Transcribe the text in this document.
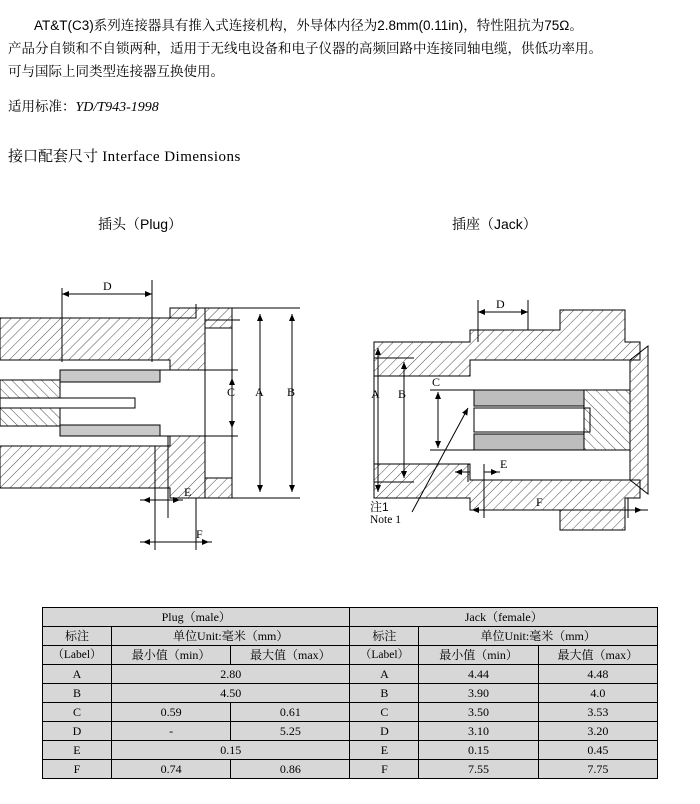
AT&T(C3)系列连接器具有推入式连接机构，外导体内径为2.8mm(0.11in)，特性阻抗为75Ω。

产品分自锁和不自锁两种，适用于无线电设备和电子仪器的高频回路中连接同轴电缆，供低功率用。

可与国际上同类型连接器互换使用。

适用标准：YD/T943-1998
接口配套尺寸 Interface Dimensions
插头（Plug）	插座（Jack）
D
C A B
E
F
D
A B
C
E
F
注1
Note 1
Plug（male）			Jack（female）		
标注	单位Unit:毫米（mm）		标注	单位Unit:毫米（mm）	
（Label）	最小值（min）	最大值（max）	（Label）	最小值（min）	最大值（max）
A	2.80		A	4.44	4.48
B	4.50		B	3.90	4.0
C	0.59	0.61	C	3.50	3.53
D	-	5.25	D	3.10	3.20
E	0.15		E	0.15	0.45
F	0.74	0.86	F	7.55	7.75
